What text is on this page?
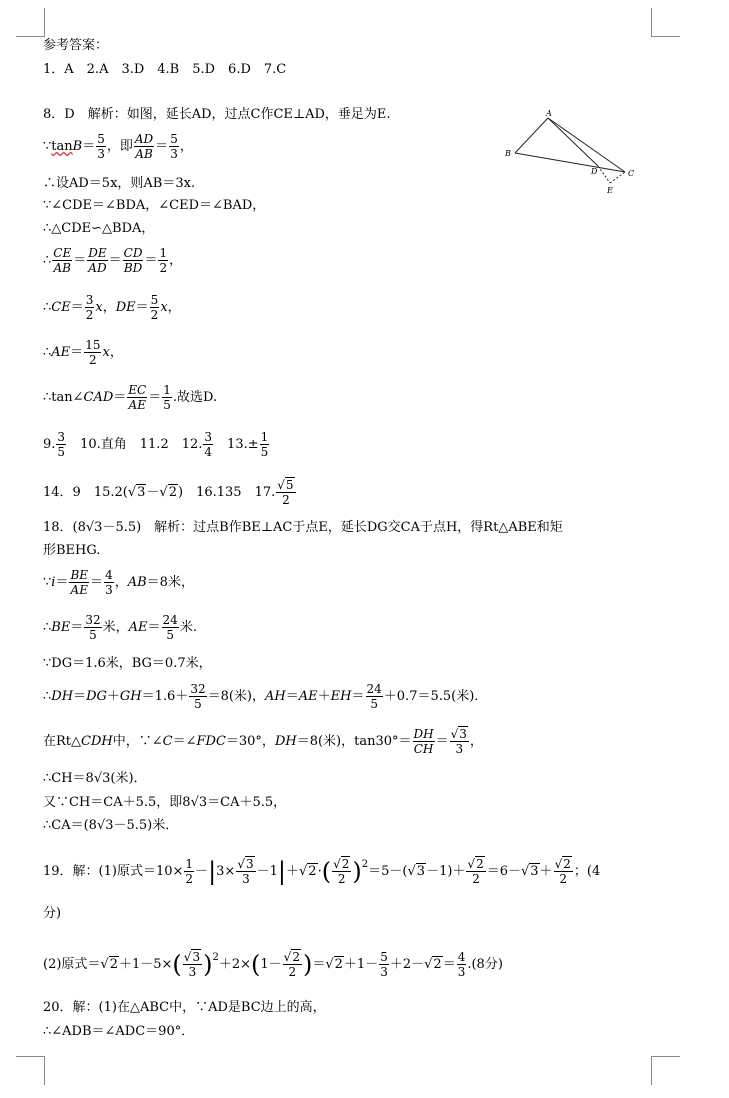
参考答案：
1．A　2.A　3.D　4.B　5.D　6.D　7.C
8．D　解析：如图，延长AD，过点C作CE⊥AD，垂足为E.
∵tanB＝ $\frac{5}{3}$ ，即 $\frac{AD}{AB} = \frac{5}{3}$ ，
∴设AD＝5x，则AB＝3x.
∵∠CDE＝∠BDA，∠CED＝∠BAD，
∴△CDE∽△BDA，
∴ $\frac{CE}{AB} = \frac{DE}{AD} = \frac{CD}{BD} = \frac{1}{2}$ ，
∴CE＝ $\frac{3}{2}$ x，$DE= \frac{5}{2}$ x，
∴AE＝ $\frac{15}{2}$ x，
∴tan∠CAD＝ $\frac{EC}{AE} = \frac{1}{5}$ .故选D.
9. $\frac{3}{5}$
　 10.直角　 11.2　12. $\frac{3}{4}$ 　$13.\pm \frac{1}{5}$
14．9　15.2(√3－√2)　16.135　17. $\frac{√5}{2}$
18．(8√3－5.5)　解析：过点B作BE⊥AC于点E，延长DG交CA于点H，得Rt△ABE和矩
形BEHG.
∵i＝ $\frac{BE}{AE} = \frac{4}{3}$ ，AB＝8米，
∴BE＝ $\frac{32}{5}$ 米，$AE= \frac{24}{5}$ 米.
∵DG＝1.6米，BG＝0.7米，
∴DH＝DG＋GH＝1.6＋ $\frac{32}{5} =8$(米)，$AH=AE+EH= \frac{24}{5} +0.7=5.5$(米)．
在Rt△CDH中，∵∠C＝∠FDC＝30°，DH＝8(米)，$\tan 30^\circ= \frac{DH}{CH} = \frac{√3}{3}$ ，
∴CH＝8√3(米)．
又∵CH＝CA＋5.5，即8√3＝CA＋5.5，
∴CA＝(8√3－5.5)米．
19．解：(1)原式$=10\times \frac{1}{2} -|3\times \frac{√3}{3} -1|+√2\cdot( \frac{√2}{2} )^2=5-(√3-1)+ \frac{√2}{2} =6-√3+ \frac{√2}{2}$ ；(4
分)
(2)原式$=√2+1-5\times( \frac{√3}{3} )^2+2\times(1- \frac{√2}{2} )=√2+1- \frac{5}{3} +2-√2= \frac{4}{3} .(8$分)
20．解：(1)在△ABC中，∵AD是BC边上的高，
∴∠ADB＝∠ADC＝90°．
A
B
D	C
E
